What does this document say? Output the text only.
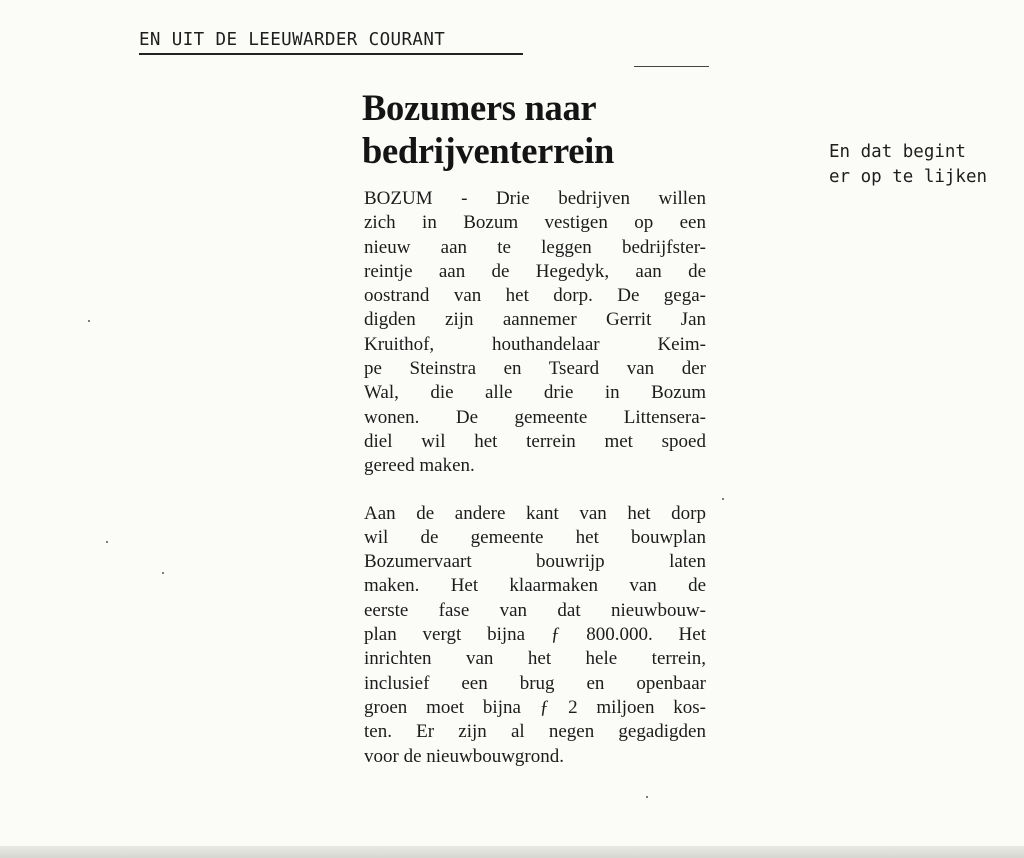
EN UIT DE LEEUWARDER COURANT
Bozumers naar
bedrijventerrein

BOZUM - Drie bedrijven willen
zich in Bozum vestigen op een
nieuw aan te leggen bedrijfster-
reintje aan de Hegedyk, aan de
oostrand van het dorp. De gega-
digden zijn aannemer Gerrit Jan
Kruithof, houthandelaar Keim-
pe Steinstra en Tseard van der
Wal, die alle drie in Bozum
wonen. De gemeente Littensera-
diel wil het terrein met spoed
gereed maken.

Aan de andere kant van het dorp
wil de gemeente het bouwplan
Bozumervaart bouwrijp laten
maken. Het klaarmaken van de
eerste fase van dat nieuwbouw-
plan vergt bijna ƒ 800.000. Het
inrichten van het hele terrein,
inclusief een brug en openbaar
groen moet bijna ƒ 2 miljoen kos-
ten. Er zijn al negen gegadigden
voor de nieuwbouwgrond.

En dat begint
er op te lijken
